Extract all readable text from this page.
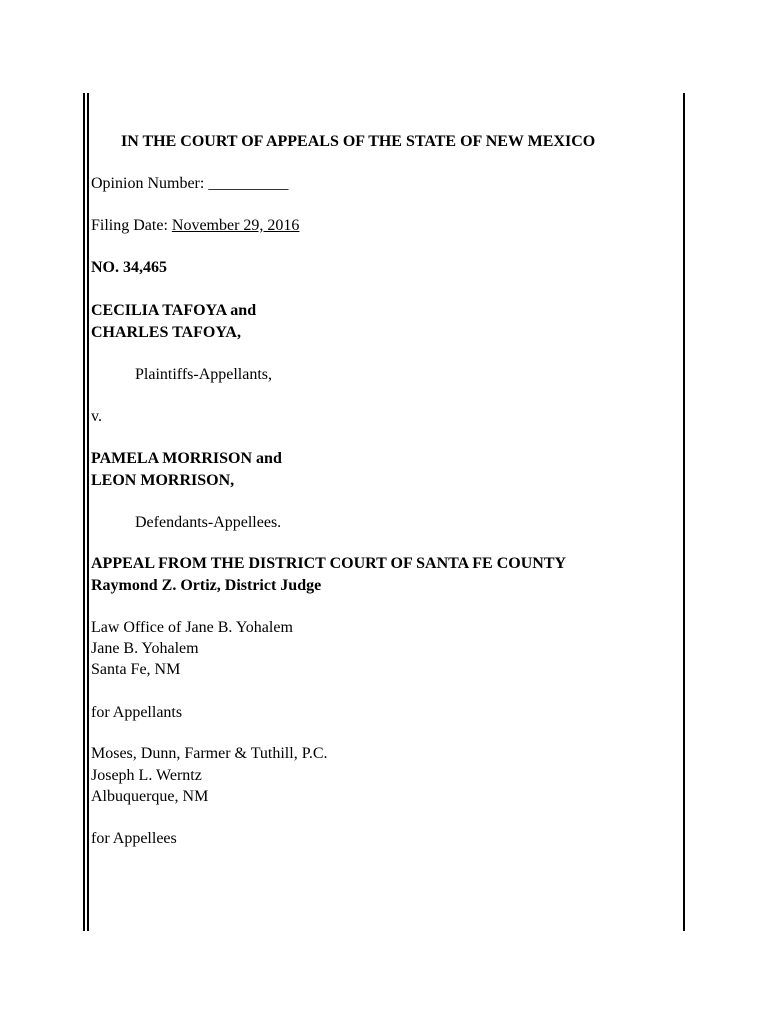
IN THE COURT OF APPEALS OF THE STATE OF NEW MEXICO
Opinion Number: __________
Filing Date: November 29, 2016
NO. 34,465
CECILIA TAFOYA and
CHARLES TAFOYA,
Plaintiffs-Appellants,
v.
PAMELA MORRISON and
LEON MORRISON,
Defendants-Appellees.
APPEAL FROM THE DISTRICT COURT OF SANTA FE COUNTY
Raymond Z. Ortiz, District Judge
Law Office of Jane B. Yohalem
Jane B. Yohalem
Santa Fe, NM
for Appellants
Moses, Dunn, Farmer & Tuthill, P.C.
Joseph L. Werntz
Albuquerque, NM
for Appellees
